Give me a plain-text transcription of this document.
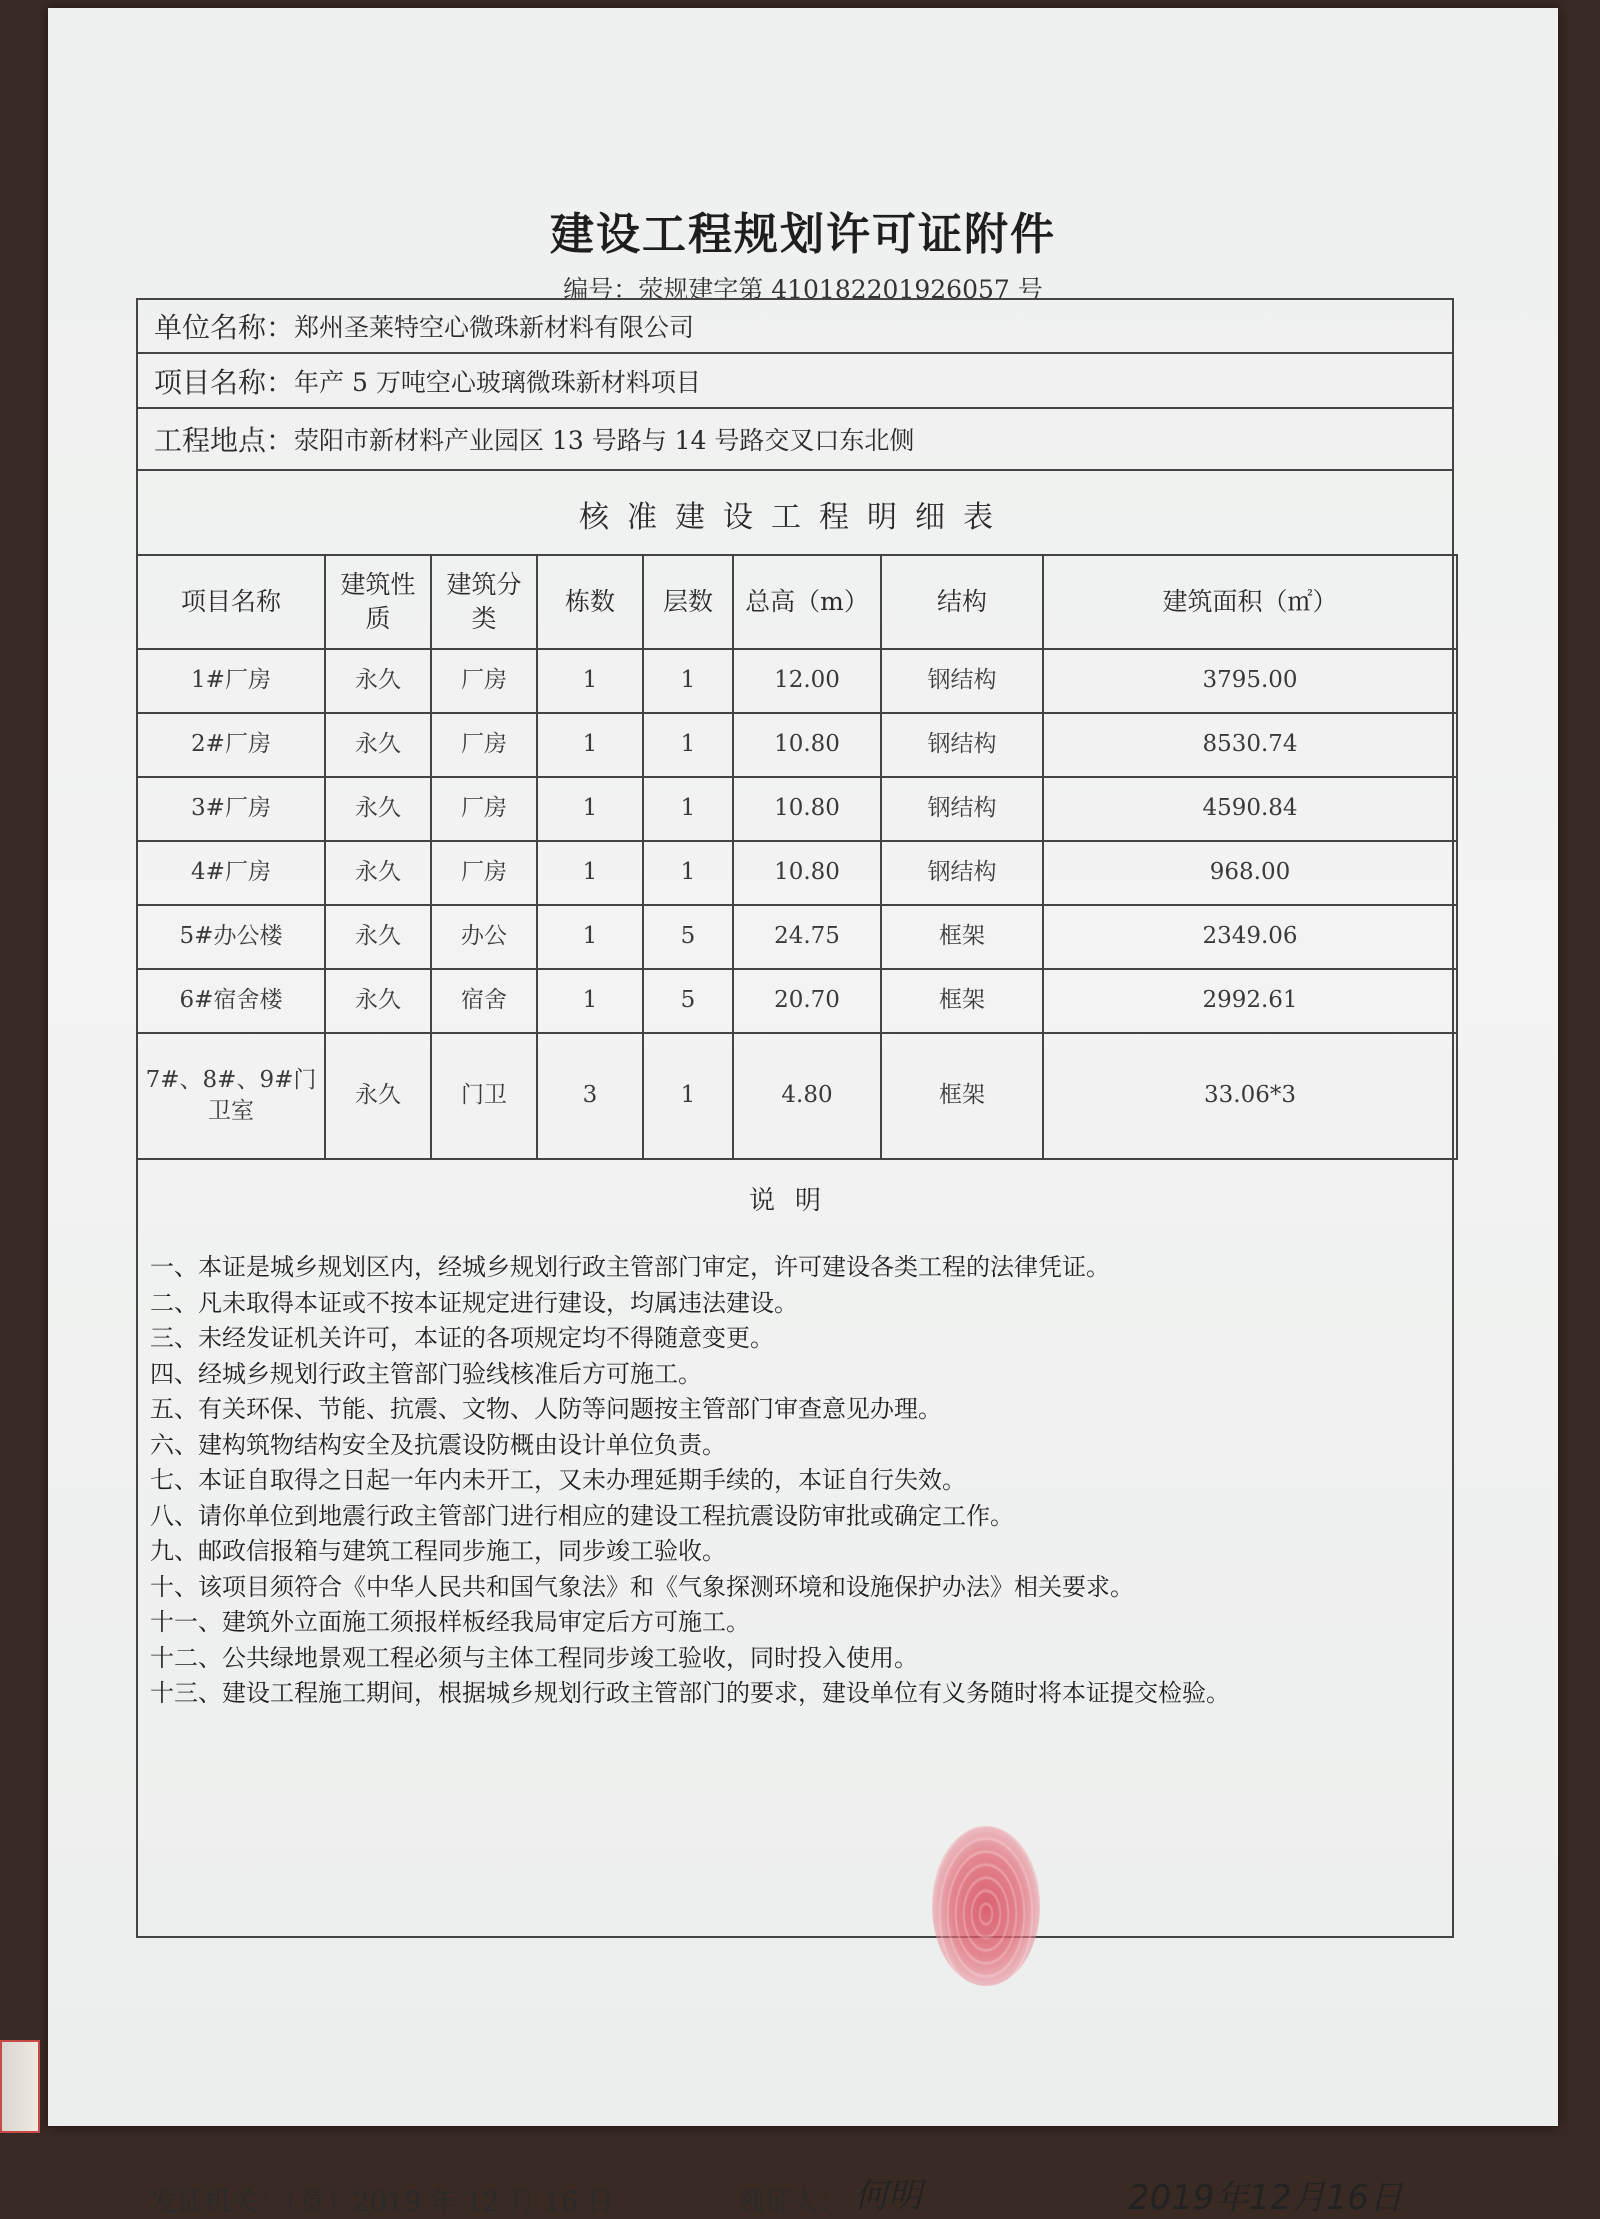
建设工程规划许可证附件
编号：荥规建字第 410182201926057 号
单位名称： 郑州圣莱特空心微珠新材料有限公司
项目名称： 年产 5 万吨空心玻璃微珠新材料项目
工程地点： 荥阳市新材料产业园区 13 号路与 14 号路交叉口东北侧
核准建设工程明细表
项目名称	建筑性质	建筑分类	栋数	层数	总高（m）	结构	建筑面积（㎡）
1#厂房	永久	厂房	1	1	12.00	钢结构	3795.00
2#厂房	永久	厂房	1	1	10.80	钢结构	8530.74
3#厂房	永久	厂房	1	1	10.80	钢结构	4590.84
4#厂房	永久	厂房	1	1	10.80	钢结构	968.00
5#办公楼	永久	办公	1	5	24.75	框架	2349.06
6#宿舍楼	永久	宿舍	1	5	20.70	框架	2992.61
7#、8#、9#门卫室	永久	门卫	3	1	4.80	框架	33.06*3
说明
一、本证是城乡规划区内，经城乡规划行政主管部门审定，许可建设各类工程的法律凭证。
二、凡未取得本证或不按本证规定进行建设，均属违法建设。
三、未经发证机关许可，本证的各项规定均不得随意变更。
四、经城乡规划行政主管部门验线核准后方可施工。
五、有关环保、节能、抗震、文物、人防等问题按主管部门审查意见办理。
六、建构筑物结构安全及抗震设防概由设计单位负责。
七、本证自取得之日起一年内未开工，又未办理延期手续的，本证自行失效。
八、请你单位到地震行政主管部门进行相应的建设工程抗震设防审批或确定工作。
九、邮政信报箱与建筑工程同步施工，同步竣工验收。
十、该项目须符合《中华人民共和国气象法》和《气象探测环境和设施保护办法》相关要求。
十一、建筑外立面施工须报样板经我局审定后方可施工。
十二、公共绿地景观工程必须与主体工程同步竣工验收，同时投入使用。
十三、建设工程施工期间，根据城乡规划行政主管部门的要求，建设单位有义务随时将本证提交检验。
发证机关：（章）2019 年 12 月 16 日	领证人： 何明	2019年12月16日
